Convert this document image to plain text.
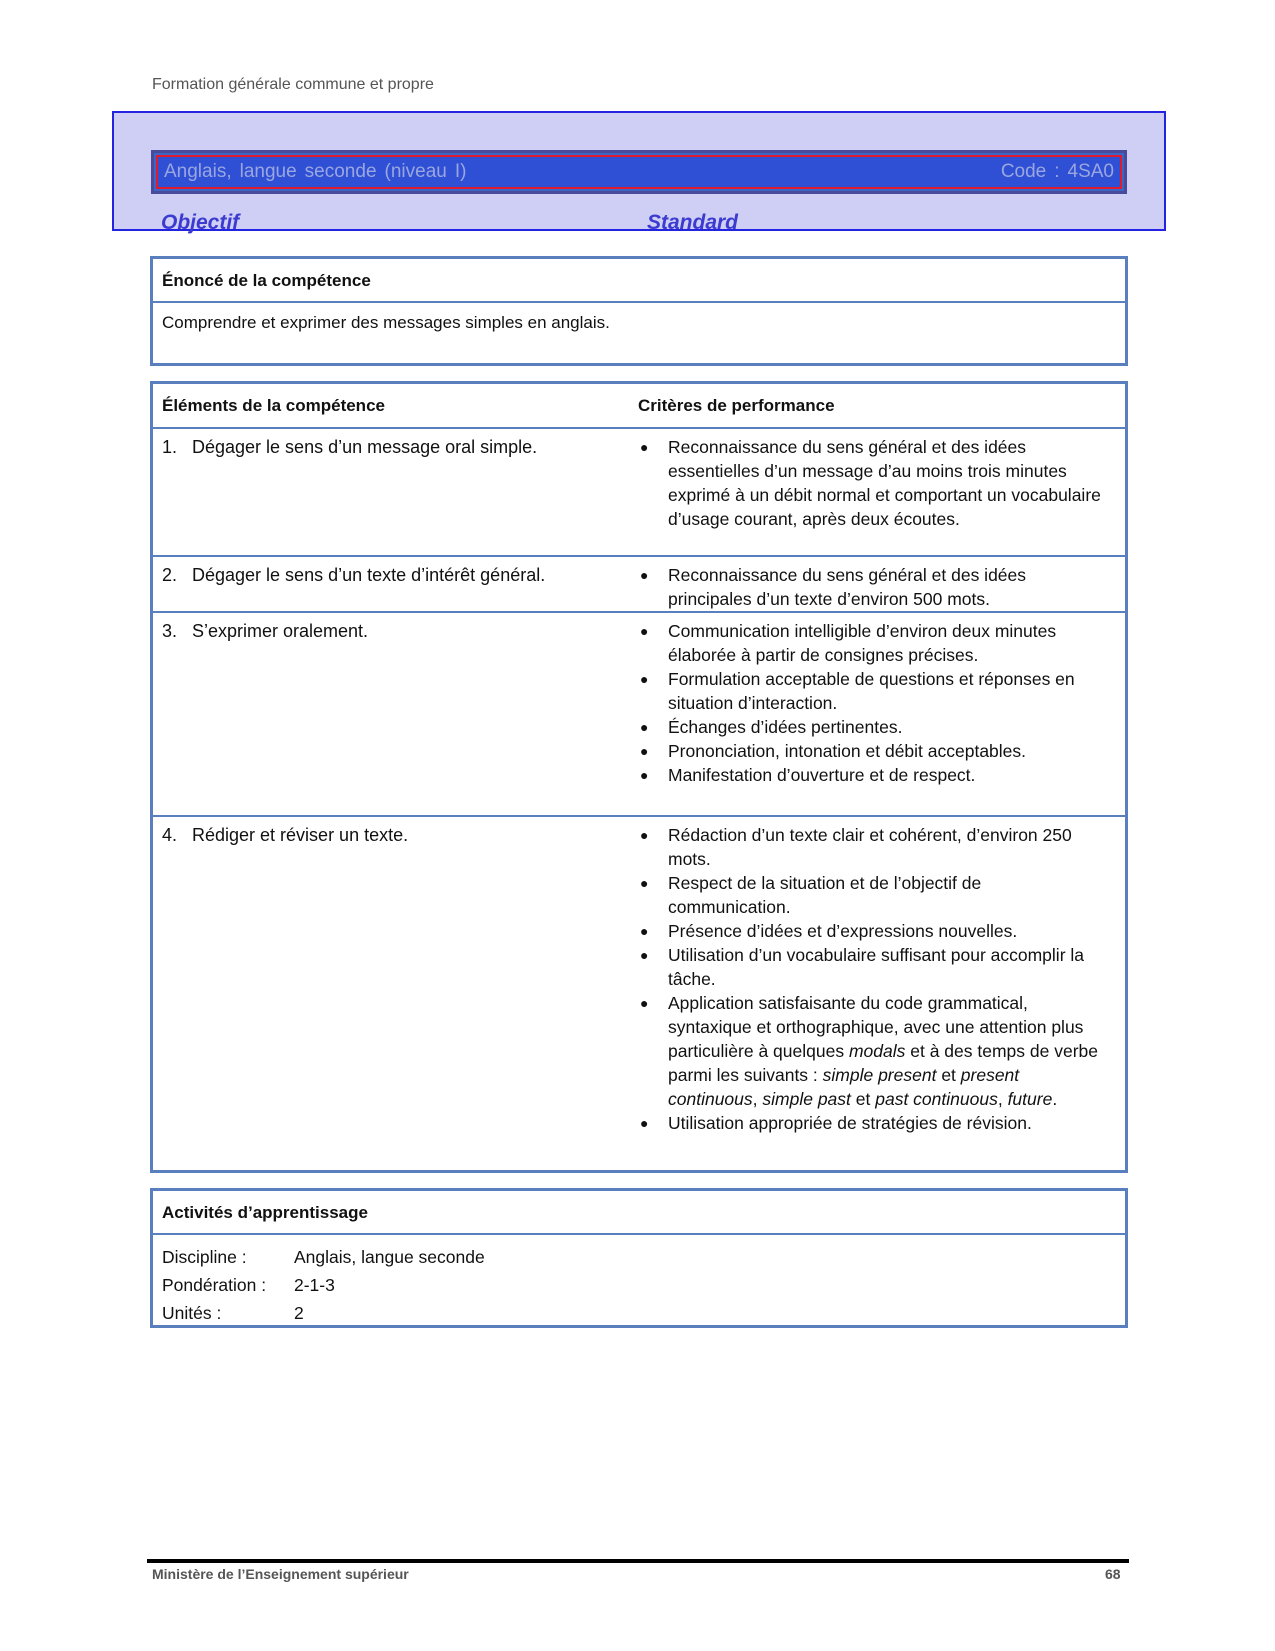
Formation générale commune et propre
Anglais, langue seconde (niveau I)	Code : 4SA0
Objectif	Standard
Énoncé de la compétence
Comprendre et exprimer des messages simples en anglais.
Éléments de la compétence	Critères de performance
1. Dégager le sens d’un message oral simple.	●	Reconnaissance du sens général et des idées essentielles d’un message d’au moins trois minutes exprimé à un débit normal et comportant un vocabulaire d’usage courant, après deux écoutes.
2. Dégager le sens d’un texte d’intérêt général.	●	Reconnaissance du sens général et des idées principales d’un texte d’environ 500 mots.
3. S’exprimer oralement.	●	Communication intelligible d’environ deux minutes élaborée à partir de consignes précises.
●	Formulation acceptable de questions et réponses en situation d’interaction.
●	Échanges d’idées pertinentes.
●	Prononciation, intonation et débit acceptables.
●	Manifestation d’ouverture et de respect.
4. Rédiger et réviser un texte.	●	Rédaction d’un texte clair et cohérent, d’environ 250 mots.
●	Respect de la situation et de l’objectif de communication.
●	Présence d’idées et d’expressions nouvelles.
●	Utilisation d’un vocabulaire suffisant pour accomplir la tâche.
●	Application satisfaisante du code grammatical, syntaxique et orthographique, avec une attention plus particulière à quelques modals et à des temps de verbe parmi les suivants : simple present et present continuous, simple past et past continuous, future.
●	Utilisation appropriée de stratégies de révision.
Activités d’apprentissage
Discipline :	Anglais, langue seconde
Pondération :	2-1-3
Unités :	2
Ministère de l’Enseignement supérieur	68
